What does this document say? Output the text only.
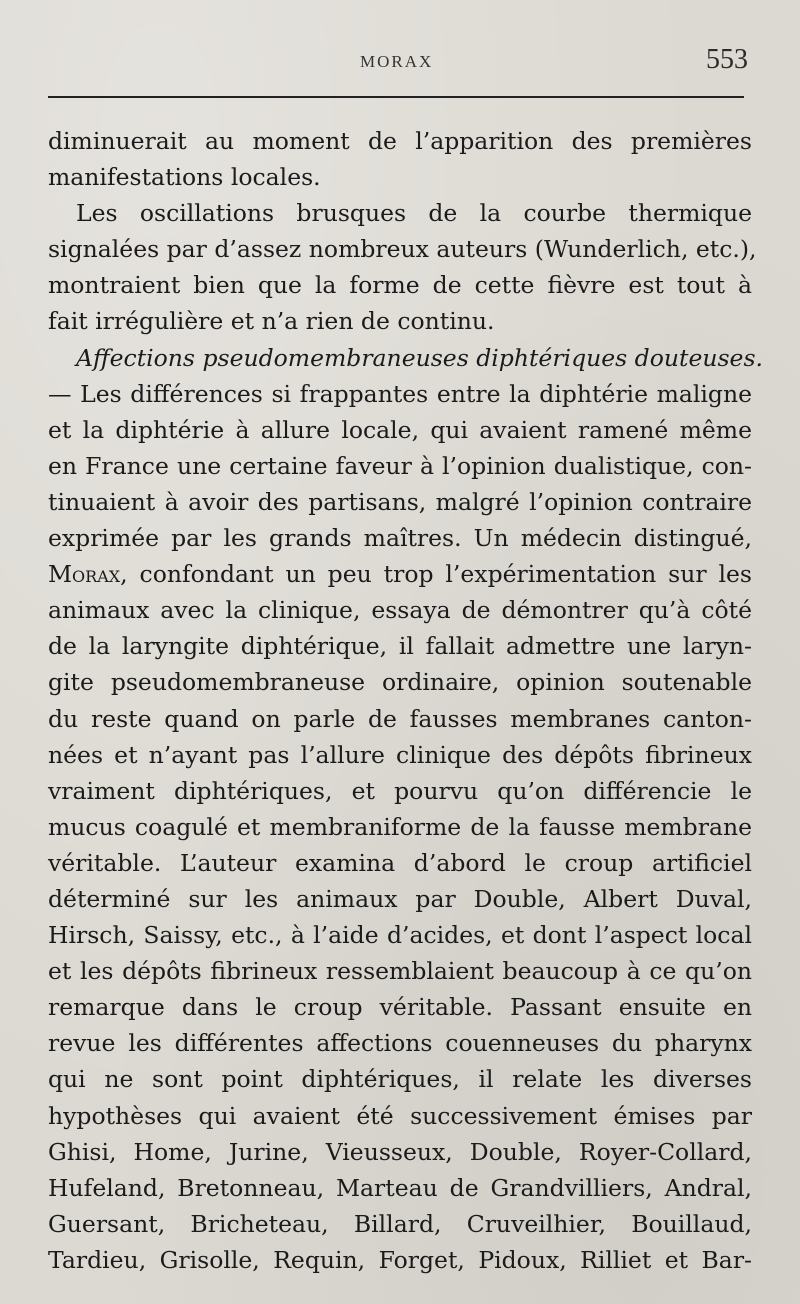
MORAX	553
diminuerait au moment de l’apparition des premières
manifestations locales.
Les oscillations brusques de la courbe thermique
signalées par d’assez nombreux auteurs (Wunderlich, etc.),
montraient bien que la forme de cette fièvre est tout à
fait irrégulière et n’a rien de continu.
Affections pseudomembraneuses diphtériques douteuses.
— Les différences si frappantes entre la diphtérie maligne
et la diphtérie à allure locale, qui avaient ramené même
en France une certaine faveur à l’opinion dualistique, con-
tinuaient à avoir des partisans, malgré l’opinion contraire
exprimée par les grands maîtres. Un médecin distingué,
Morax, confondant un peu trop l’expérimentation sur les
animaux avec la clinique, essaya de démontrer qu’à côté
de la laryngite diphtérique, il fallait admettre une laryn-
gite pseudomembraneuse ordinaire, opinion soutenable
du reste quand on parle de fausses membranes canton-
nées et n’ayant pas l’allure clinique des dépôts fibrineux
vraiment diphtériques, et pourvu qu’on différencie le
mucus coagulé et membraniforme de la fausse membrane
véritable. L’auteur examina d’abord le croup artificiel
déterminé sur les animaux par Double, Albert Duval,
Hirsch, Saissy, etc., à l’aide d’acides, et dont l’aspect local
et les dépôts fibrineux ressemblaient beaucoup à ce qu’on
remarque dans le croup véritable. Passant ensuite en
revue les différentes affections couenneuses du pharynx
qui ne sont point diphtériques, il relate les diverses
hypothèses qui avaient été successivement émises par
Ghisi, Home, Jurine, Vieusseux, Double, Royer-Collard,
Hufeland, Bretonneau, Marteau de Grandvilliers, Andral,
Guersant, Bricheteau, Billard, Cruveilhier, Bouillaud,
Tardieu, Grisolle, Requin, Forget, Pidoux, Rilliet et Bar-
